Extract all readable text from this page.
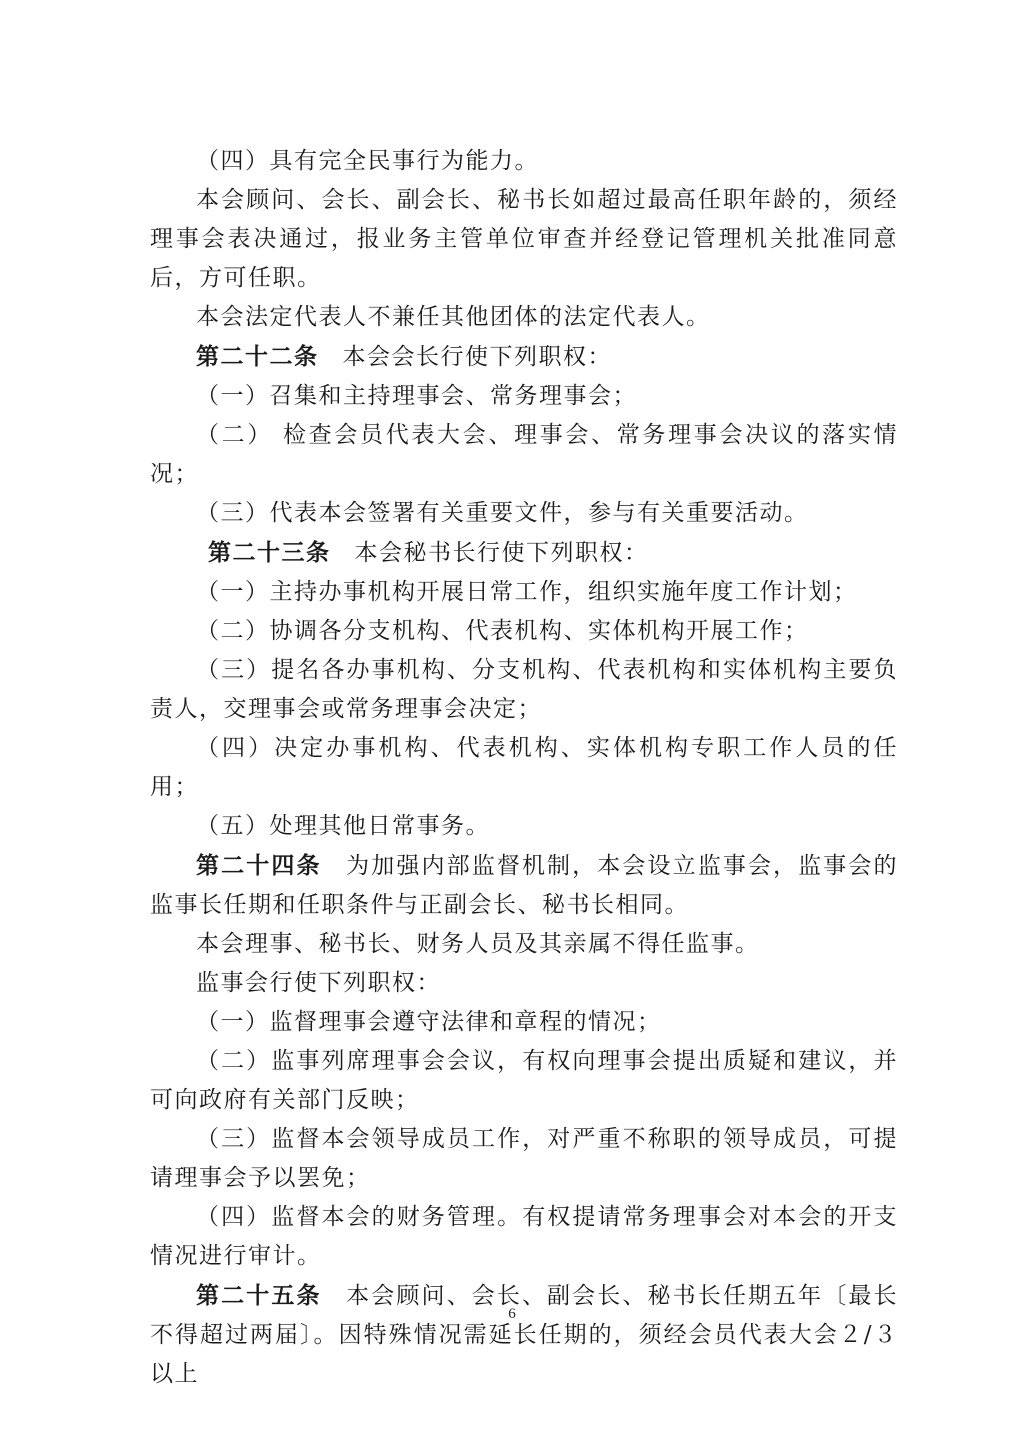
（四）具有完全民事行为能力。

本会顾问、会长、副会长、秘书长如超过最高任职年龄的，须经理事会表决通过，报业务主管单位审查并经登记管理机关批准同意后，方可任职。

本会法定代表人不兼任其他团体的法定代表人。

第二十二条 本会会长行使下列职权：

（一）召集和主持理事会、常务理事会；

（二） 检查会员代表大会、理事会、常务理事会决议的落实情况；

（三）代表本会签署有关重要文件，参与有关重要活动。

第二十三条 本会秘书长行使下列职权：

（一）主持办事机构开展日常工作，组织实施年度工作计划；

（二）协调各分支机构、代表机构、实体机构开展工作；

（三）提名各办事机构、分支机构、代表机构和实体机构主要负责人，交理事会或常务理事会决定；

（四）决定办事机构、代表机构、实体机构专职工作人员的任用；

（五）处理其他日常事务。

第二十四条 为加强内部监督机制，本会设立监事会，监事会的监事长任期和任职条件与正副会长、秘书长相同。

本会理事、秘书长、财务人员及其亲属不得任监事。

监事会行使下列职权：

（一）监督理事会遵守法律和章程的情况；

（二）监事列席理事会会议，有权向理事会提出质疑和建议，并可向政府有关部门反映；

（三）监督本会领导成员工作，对严重不称职的领导成员，可提请理事会予以罢免；

（四）监督本会的财务管理。有权提请常务理事会对本会的开支情况进行审计。

第二十五条 本会顾问、会长、副会长、秘书长任期五年〔最长不得超过两届〕。因特殊情况需延长任期的，须经会员代表大会２/３以上

6
